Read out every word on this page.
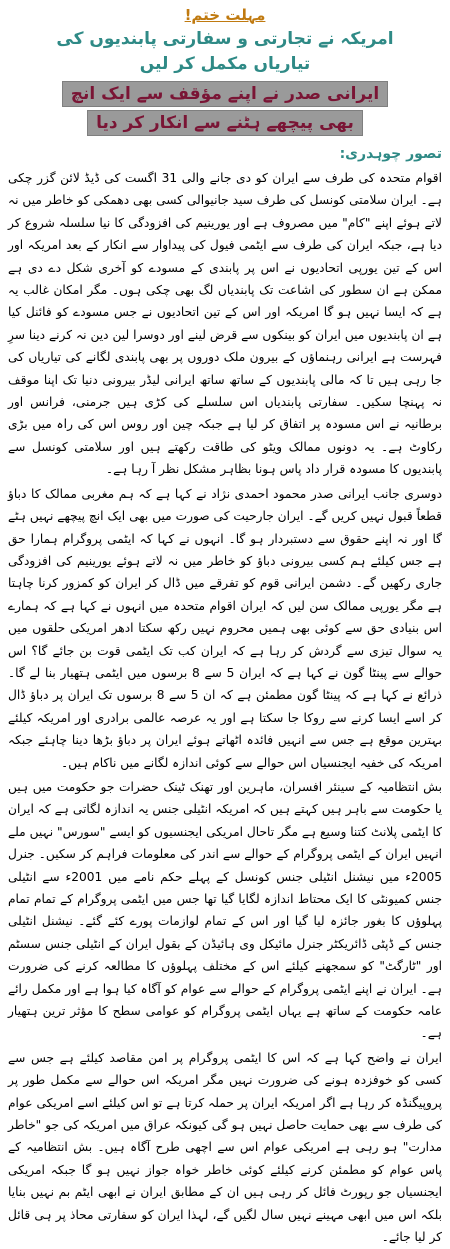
مہلت ختم!
امریکہ نے تجارتی و سفارتی پابندیوں کی
تیاریاں مکمل کر لیں
ایرانی صدر نے اپنے مؤقف سے ایک انچ
بھی پیچھے ہٹنے سے انکار کر دیا
تصور چوہدری:

اقوام متحدہ کی طرف سے ایران کو دی جانے والی 31 اگست کی ڈیڈ لائن گزر چکی ہے۔ ایران سلامتی کونسل کی طرف سید جانیوالی کسی بھی دھمکی کو خاطر میں نہ لاتے ہوئے اپنے "کام" میں مصروف ہے اور یورینیم کی افزودگی کا نیا سلسلہ شروع کر دیا ہے، جبکہ ایران کی طرف سے ایٹمی فیول کی پیداوار سے انکار کے بعد امریکہ اور اس کے تین یورپی اتحادیوں نے اس پر پابندی کے مسودے کو آخری شکل دے دی ہے ممکن ہے ان سطور کی اشاعت تک پابندیاں لگ بھی چکی ہوں۔ مگر امکان غالب یہ ہے کہ ایسا نہیں ہو گا امریکہ اور اس کے تین اتحادیوں نے جس مسودے کو فائنل کیا ہے ان پابندیوں میں ایران کو بینکوں سے قرض لینے اور دوسرا لین دین نہ کرنے دینا سرِ فہرست ہے ایرانی رہنماؤں کے بیرون ملک دوروں پر بھی پابندی لگانے کی تیاریاں کی جا رہی ہیں تا کہ مالی پابندیوں کے ساتھ ساتھ ایرانی لیڈر بیرونی دنیا تک اپنا موقف نہ پہنچا سکیں۔ سفارتی پابندیاں اس سلسلے کی کڑی ہیں جرمنی، فرانس اور برطانیہ نے اس مسودہ پر اتفاق کر لیا ہے جبکہ چین اور روس اس کی راہ میں بڑی رکاوٹ ہے۔ یہ دونوں ممالک ویٹو کی طاقت رکھتے ہیں اور سلامتی کونسل سے پابندیوں کا مسودہ قرار داد پاس ہونا بظاہر مشکل نظر آ رہا ہے۔

دوسری جانب ایرانی صدر محمود احمدی نژاد نے کہا ہے کہ ہم مغربی ممالک کا دباؤ قطعاً قبول نہیں کریں گے۔ ایران جارحیت کی صورت میں بھی ایک انچ پیچھے نہیں ہٹے گا اور نہ اپنے حقوق سے دستبردار ہو گا۔ انہوں نے کہا کہ ایٹمی پروگرام ہمارا حق ہے جس کیلئے ہم کسی بیرونی دباؤ کو خاطر میں نہ لاتے ہوئے یورینیم کی افزودگی جاری رکھیں گے۔ دشمن ایرانی قوم کو تفرقے میں ڈال کر ایران کو کمزور کرنا چاہتا ہے مگر یورپی ممالک سن لیں کہ ایران اقوام متحدہ میں انہوں نے کہا ہے کہ ہمارے اس بنیادی حق سے کوئی بھی ہمیں محروم نہیں رکھ سکتا ادھر امریکی حلقوں میں یہ سوال تیزی سے گردش کر رہا ہے کہ ایران کب تک ایٹمی قوت بن جائے گا؟ اس حوالے سے پینٹا گون نے کہا ہے کہ ایران 5 سے 8 برسوں میں ایٹمی ہتھیار بنا لے گا۔ ذرائع نے کہا ہے کہ پینٹا گون مطمئن ہے کہ ان 5 سے 8 برسوں تک ایران پر دباؤ ڈال کر اسے ایسا کرنے سے روکا جا سکتا ہے اور یہ عرصہ عالمی برادری اور امریکہ کیلئے بہترین موقع ہے جس سے انہیں فائدہ اٹھاتے ہوئے ایران پر دباؤ بڑھا دینا چاہئے جبکہ امریکہ کی خفیہ ایجنسیاں اس حوالے سے کوئی اندازہ لگانے میں ناکام ہیں۔

بش انتظامیہ کے سینئر افسران، ماہرین اور تھنک ٹینک حضرات جو حکومت میں ہیں یا حکومت سے باہر ہیں کہتے ہیں کہ امریکہ انٹیلی جنس یہ اندازہ لگاتی ہے کہ ایران کا ایٹمی پلانٹ کتنا وسیع ہے مگر تاحال امریکی ایجنسیوں کو ایسے "سورس" نہیں ملے انہیں ایران کے ایٹمی پروگرام کے حوالے سے اندر کی معلومات فراہم کر سکیں۔ جنرل 2005ء میں نیشنل انٹیلی جنس کونسل کے پہلے حکم نامے میں 2001ء سے انٹیلی جنس کمیونٹی کا ایک محتاط اندازہ لگایا گیا تھا جس میں ایٹمی پروگرام کے تمام تمام پہلوؤں کا بغور جائزہ لیا گیا اور اس کے تمام لوازمات پورے کئے گئے۔ نیشنل انٹیلی جنس کے ڈپٹی ڈائریکٹر جنرل مائیکل وی ہائیڈن کے بقول ایران کے انٹیلی جنس سسٹم اور "ٹارگٹ" کو سمجھنے کیلئے اس کے مختلف پہلوؤں کا مطالعہ کرنے کی ضرورت ہے۔ ایران نے اپنے ایٹمی پروگرام کے حوالے سے عوام کو آگاہ کیا ہوا ہے اور مکمل رائے عامہ حکومت کے ساتھ ہے یہاں ایٹمی پروگرام کو عوامی سطح کا مؤثر ترین ہتھیار ہے۔

ایران نے واضح کہا ہے کہ اس کا ایٹمی پروگرام پر امن مقاصد کیلئے ہے جس سے کسی کو خوفزدہ ہونے کی ضرورت نہیں مگر امریکہ اس حوالے سے مکمل طور پر پروپیگنڈہ کر رہا ہے اگر امریکہ ایران پر حملہ کرتا ہے تو اس کیلئے اسے امریکی عوام کی طرف سے بھی حمایت حاصل نہیں ہو گی کیونکہ عراق میں امریکہ کی جو "خاطر مدارت" ہو رہی ہے امریکی عوام اس سے اچھی طرح آگاہ ہیں۔ بش انتظامیہ کے پاس عوام کو مطمئن کرنے کیلئے کوئی خاطر خواہ جواز نہیں ہو گا جبکہ امریکی ایجنسیاں جو رپورٹ فائل کر رہی ہیں ان کے مطابق ایران نے ابھی ایٹم بم نہیں بنایا بلکہ اس میں ابھی مہینے نہیں سال لگیں گے، لہذا ایران کو سفارتی محاذ پر ہی قائل کر لیا جائے۔
